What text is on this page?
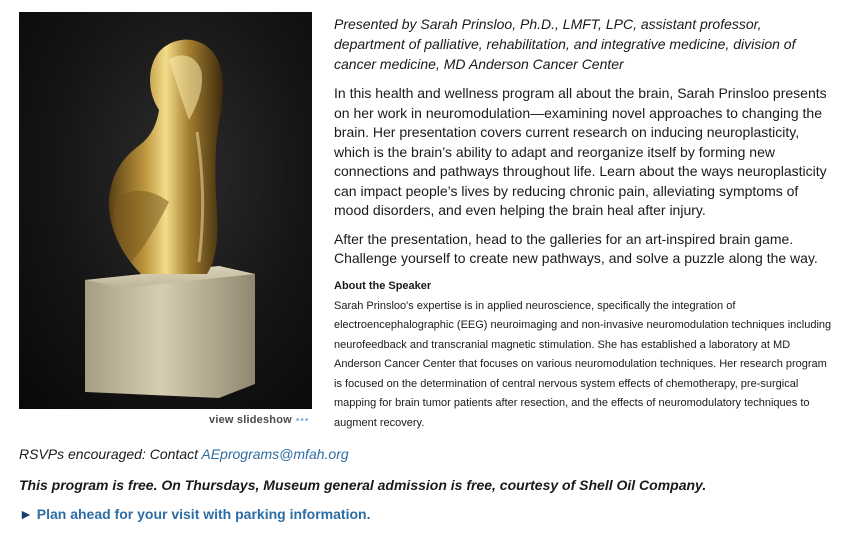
view slideshow •••

Presented by Sarah Prinsloo, Ph.D., LMFT, LPC, assistant professor, department of palliative, rehabilitation, and integrative medicine, division of cancer medicine, MD Anderson Cancer Center

In this health and wellness program all about the brain, Sarah Prinsloo presents on her work in neuromodulation—examining novel approaches to changing the brain. Her presentation covers current research on inducing neuroplasticity, which is the brain’s ability to adapt and reorganize itself by forming new connections and pathways throughout life. Learn about the ways neuroplasticity can impact people’s lives by reducing chronic pain, alleviating symptoms of mood disorders, and even helping the brain heal after injury.

After the presentation, head to the galleries for an art-inspired brain game. Challenge yourself to create new pathways, and solve a puzzle along the way.

About the Speaker

Sarah Prinsloo's expertise is in applied neuroscience, specifically the integration of electroencephalographic (EEG) neuroimaging and non-invasive neuromodulation techniques including neurofeedback and transcranial magnetic stimulation. She has established a laboratory at MD Anderson Cancer Center that focuses on various neuromodulation techniques. Her research program is focused on the determination of central nervous system effects of chemotherapy, pre-surgical mapping for brain tumor patients after resection, and the effects of neuromodulatory techniques to augment recovery.

RSVPs encouraged: Contact AEprograms@mfah.org
This program is free. On Thursdays, Museum general admission is free, courtesy of Shell Oil Company.
► Plan ahead for your visit with parking information.
